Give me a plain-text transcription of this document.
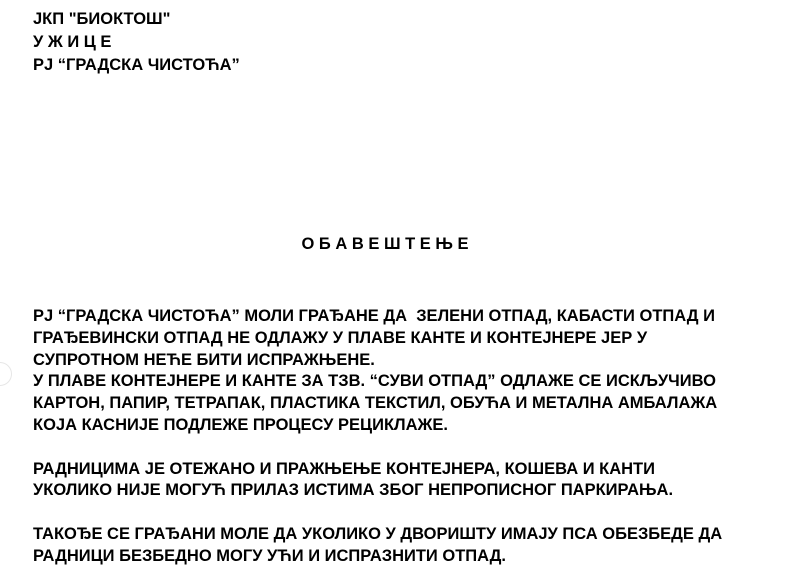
ЈКП "БИОКТОШ"
У Ж И Ц Е
РЈ “ГРАДСКА ЧИСТОЋА”
О Б А В Е Ш Т Е Њ Е
РЈ “ГРАДСКА ЧИСТОЋА” МОЛИ ГРАЂАНЕ ДА  ЗЕЛЕНИ ОТПАД, КАБАСТИ ОТПАД И
ГРАЂЕВИНСКИ ОТПАД НЕ ОДЛАЖУ У ПЛАВЕ КАНТЕ И КОНТЕЈНЕРЕ ЈЕР У
СУПРОТНОМ НЕЋЕ БИТИ ИСПРАЖЊЕНЕ.
У ПЛАВЕ КОНТЕЈНЕРЕ И КАНТЕ ЗА ТЗВ. “СУВИ ОТПАД” ОДЛАЖЕ СЕ ИСКЉУЧИВО
КАРТОН, ПАПИР, ТЕТРАПАК, ПЛАСТИКА ТЕКСТИЛ, ОБУЋА И МЕТАЛНА АМБАЛАЖА
КОЈА КАСНИЈЕ ПОДЛЕЖЕ ПРОЦЕСУ РЕЦИКЛАЖЕ.
РАДНИЦИМА ЈЕ ОТЕЖАНО И ПРАЖЊЕЊЕ КОНТЕЈНЕРА, КОШЕВА И КАНТИ
УКОЛИКО НИЈЕ МОГУЋ ПРИЛАЗ ИСТИМА ЗБОГ НЕПРОПИСНОГ ПАРКИРАЊА.
ТАКОЂЕ СЕ ГРАЂАНИ МОЛЕ ДА УКОЛИКО У ДВОРИШТУ ИМАЈУ ПСА ОБЕЗБЕДЕ ДА
РАДНИЦИ БЕЗБЕДНО МОГУ УЋИ И ИСПРАЗНИТИ ОТПАД.
